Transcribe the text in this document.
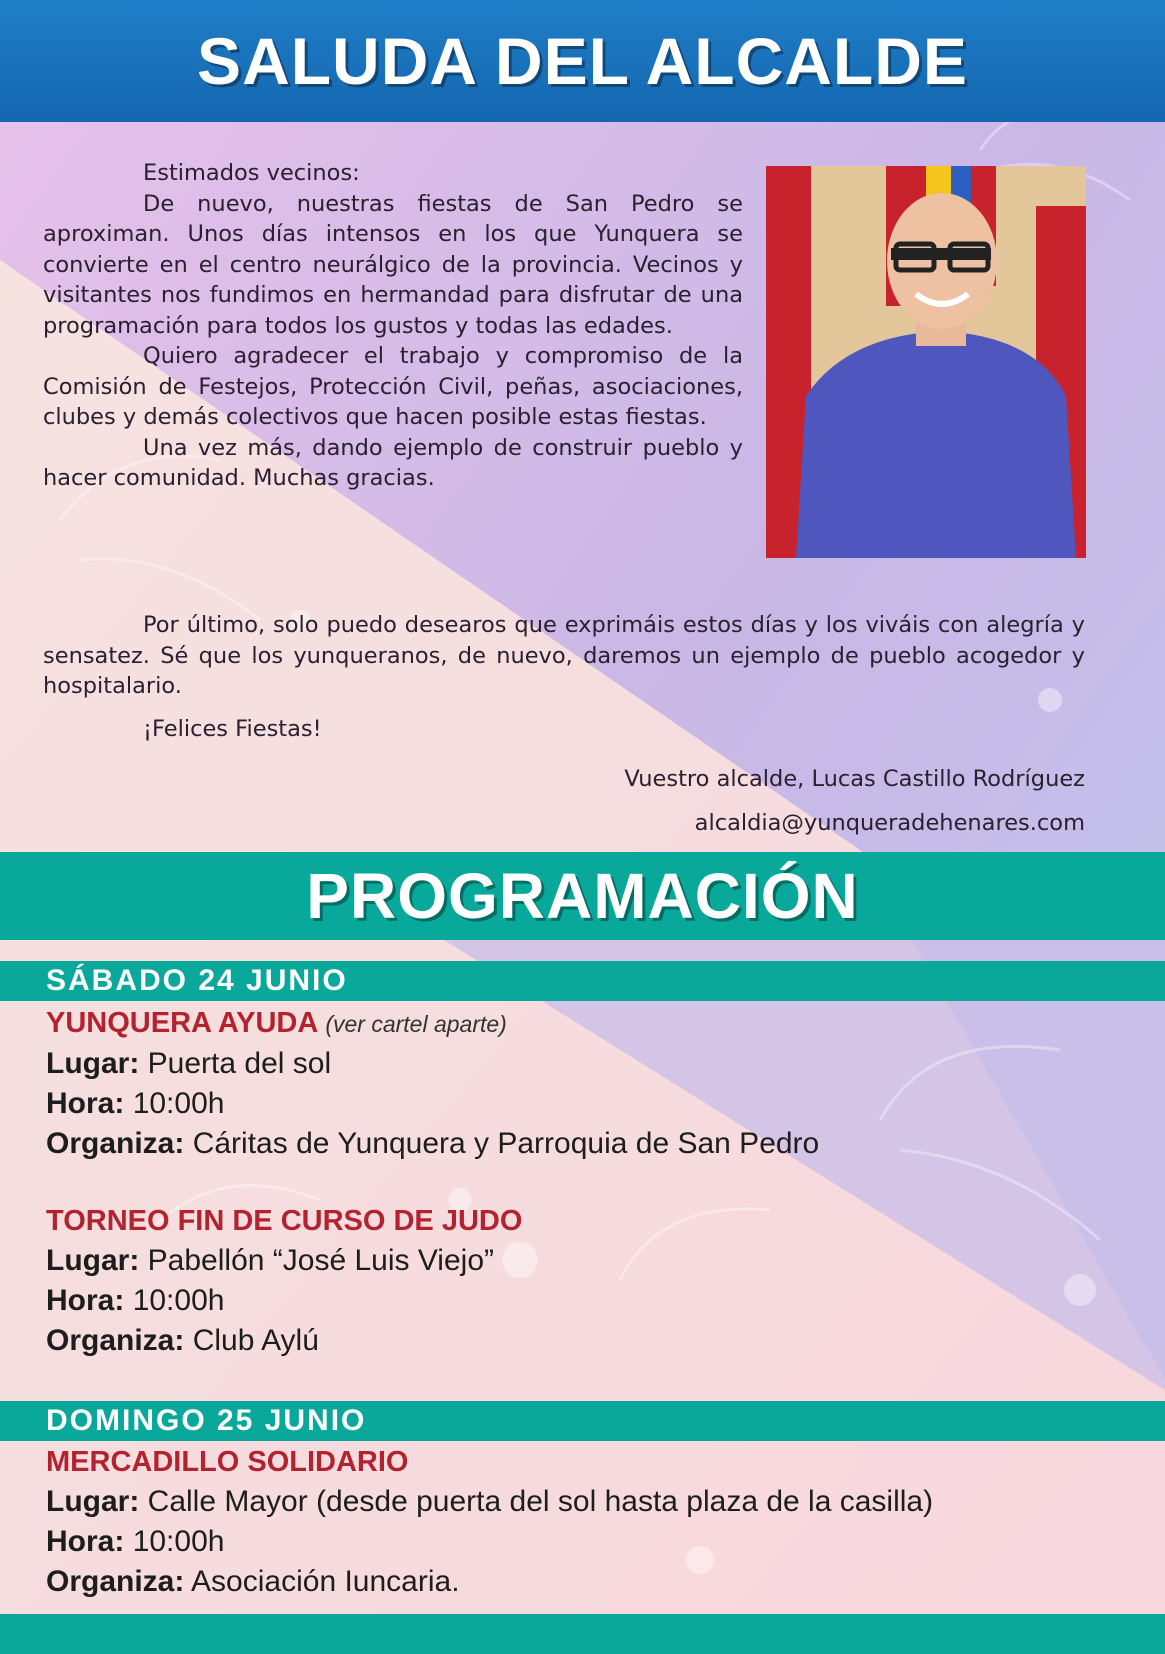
SALUDA DEL ALCALDE

Estimados vecinos:

De nuevo, nuestras fiestas de San Pedro se aproximan. Unos días intensos en los que Yunquera se convierte en el centro neurálgico de la provincia. Vecinos y visitantes nos fundimos en hermandad para disfrutar de una programación para todos los gustos y todas las edades.

Quiero agradecer el trabajo y compromiso de la Comisión de Festejos, Protección Civil, peñas, asociaciones, clubes y demás colectivos que hacen posible estas fiestas.

Una vez más, dando ejemplo de construir pueblo y hacer comunidad. Muchas gracias.

Por último, solo puedo desearos que exprimáis estos días y los viváis con alegría y sensatez. Sé que los yunqueranos, de nuevo, daremos un ejemplo de pueblo acogedor y hospitalario.

¡Felices Fiestas!
Vuestro alcalde, Lucas Castillo Rodríguez
alcaldia@yunqueradehenares.com
PROGRAMACIÓN
SÁBADO 24 JUNIO
YUNQUERA AYUDA (ver cartel aparte)
Lugar: Puerta del sol
Hora: 10:00h
Organiza: Cáritas de Yunquera y Parroquia de San Pedro
TORNEO FIN DE CURSO DE JUDO
Lugar: Pabellón “José Luis Viejo”
Hora: 10:00h
Organiza: Club Aylú
DOMINGO 25 JUNIO
MERCADILLO SOLIDARIO
Lugar: Calle Mayor (desde puerta del sol hasta plaza de la casilla)
Hora: 10:00h
Organiza: Asociación Iuncaria.
